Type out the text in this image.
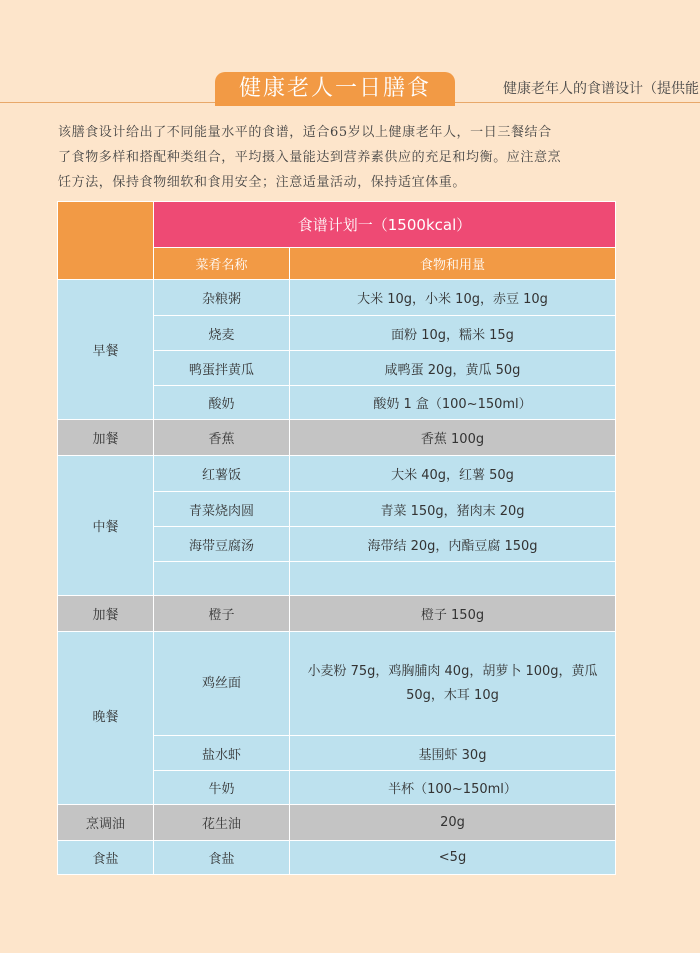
健康老人一日膳食	健康老年人的食谱设计（提供能

该膳食设计给出了不同能量水平的食谱，适合65岁以上健康老年人，一日三餐结合

了食物多样和搭配种类组合，平均摄入量能达到营养素供应的充足和均衡。应注意烹

饪方法，保持食物细软和食用安全；注意适量活动，保持适宜体重。

	食谱计划一（1500kcal）	
	菜肴名称	食物和用量
早餐	杂粮粥	大米 10g，小米 10g，赤豆 10g
	烧麦	面粉 10g，糯米 15g
	鸭蛋拌黄瓜	咸鸭蛋 20g，黄瓜 50g
	酸奶	酸奶 1 盒（100~150ml）
加餐	香蕉	香蕉 100g
中餐	红薯饭	大米 40g，红薯 50g
	青菜烧肉圆	青菜 150g，猪肉末 20g
	海带豆腐汤	海带结 20g，内酯豆腐 150g

加餐	橙子	橙子 150g
晚餐	鸡丝面	小麦粉 75g，鸡胸脯肉 40g，胡萝卜 100g，黄瓜 50g，木耳 10g
	盐水虾	基围虾 30g
	牛奶	半杯（100~150ml）
烹调油	花生油	20g
食盐	食盐	<5g
